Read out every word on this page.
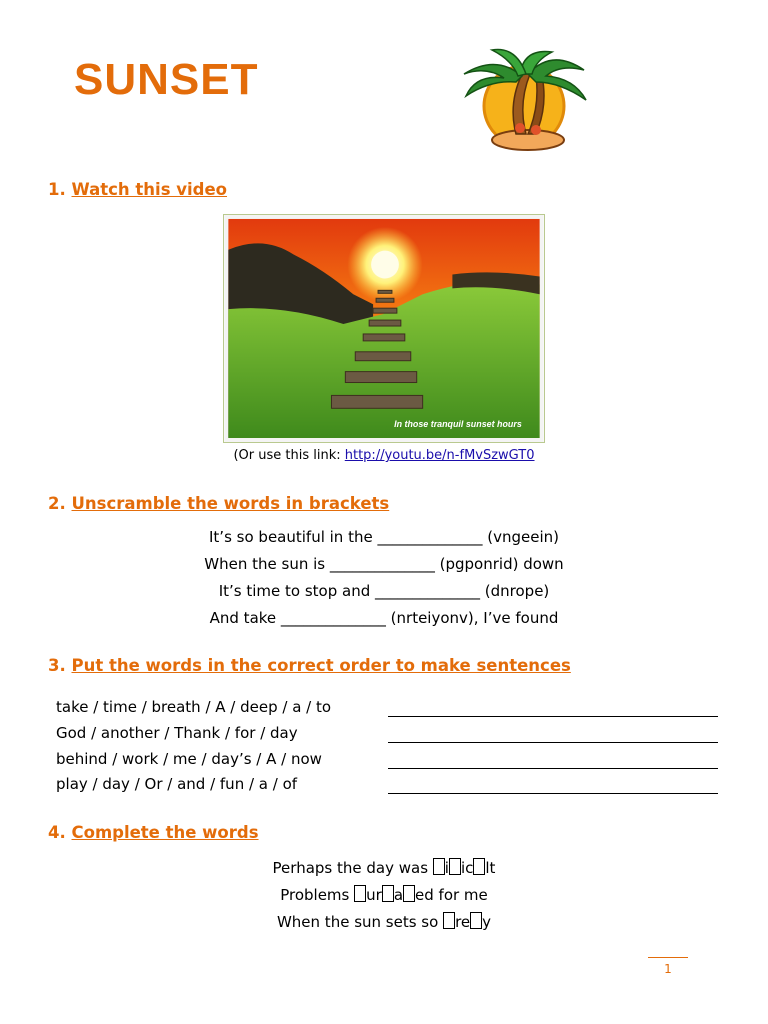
SUNSET
1. Watch this video
In those tranquil sunset hours
(Or use this link: http://youtu.be/n-fMvSzwGT0
2. Unscramble the words in brackets
It’s so beautiful in the ______________ (vngeein)
When the sun is ______________ (pgponrid) down
It’s time to stop and ______________ (dnrope)
And take ______________ (nrteiyonv), I’ve found
3. Put the words in the correct order to make sentences
take / time / breath / A / deep / a / to
God / another / Thank / for / day
behind / work / me / day’s / A / now
play / day / Or / and / fun / a / of
4. Complete the words
Perhaps the day was i ic lt
Problems ur a ed for me
When the sun sets so re y
1
